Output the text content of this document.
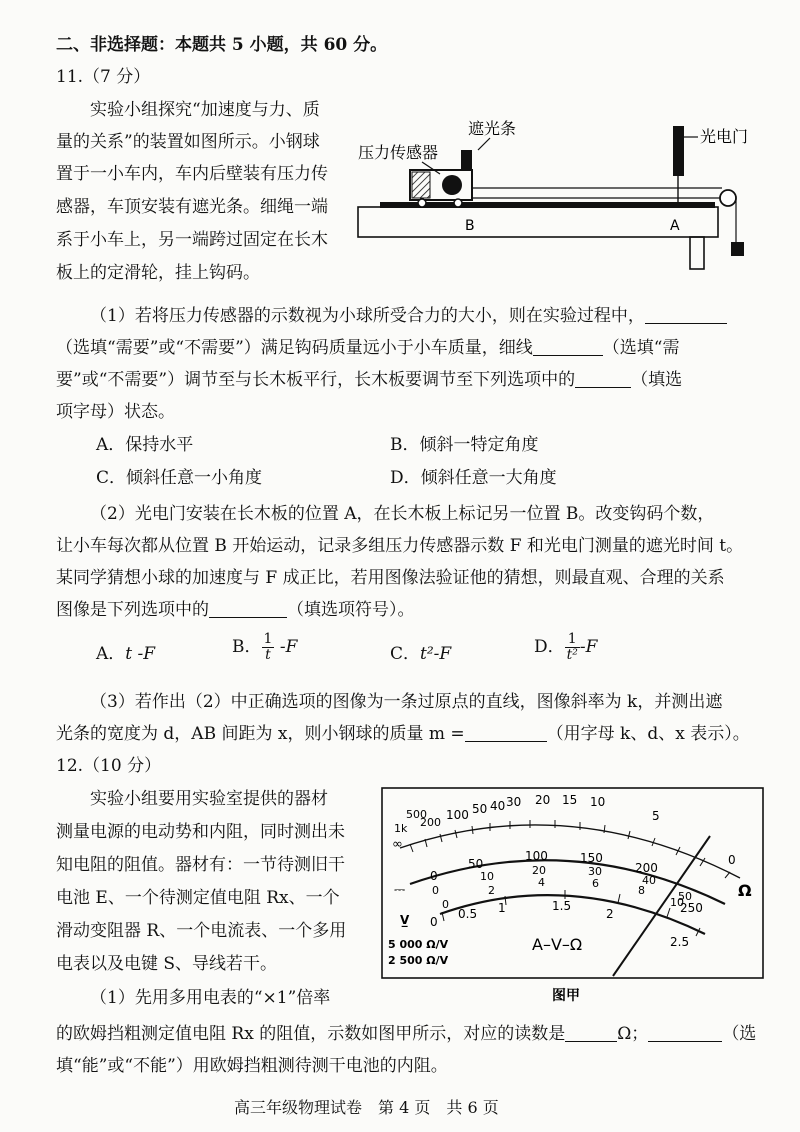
二、非选择题：本题共 5 小题，共 60 分。
11.（7 分）
实验小组探究“加速度与力、质
量的关系”的装置如图所示。小钢球
置于一小车内，车内后壁装有压力传
感器，车顶安装有遮光条。细绳一端
系于小车上，另一端跨过固定在长木
板上的定滑轮，挂上钩码。
压力传感器
遮光条	光电门
B	A
（1）若将压力传感器的示数视为小球所受合力的大小，则在实验过程中，
（选填“需要”或“不需要”）满足钩码质量远小于小车质量，细线	（选填“需
要”或“不需要”）调节至与长木板平行，长木板要调节至下列选项中的	（填选
项字母）状态。
A．保持水平	B．倾斜一特定角度
C．倾斜任意一小角度	D．倾斜任意一大角度
（2）光电门安装在长木板的位置 A，在长木板上标记另一位置 B。改变钩码个数，
让小车每次都从位置 B 开始运动，记录多组压力传感器示数 F 和光电门测量的遮光时间 t。
某同学猜想小球的加速度与 F 成正比，若用图像法验证他的猜想，则最直观、合理的关系
图像是下列选项中的	（填选项符号）。
A．t -F	B． $\frac{1}{t} -F$	C．t²-F	D． $\frac{1}{\text{t²}} -F$
（3）若作出（2）中正确选项的图像为一条过原点的直线，图像斜率为 k，并测出遮
光条的宽度为 d，AB 间距为 x，则小钢球的质量 m =	（用字母 k、d、x 表示）。
12.（10 分）
实验小组要用实验室提供的器材
测量电源的电动势和内阻，同时测出未
知电阻的阻值。器材有：一节待测旧干
电池 E、一个待测定值电阻 Rx、一个
滑动变阻器 R、一个电流表、一个多用
电表以及电键 S、导线若干。
（1）先用多用电表的“×1”倍率
的欧姆挡粗测定值电阻 Rx 的阻值，示数如图甲所示，对应的读数是	Ω；	（选
填“能”或“不能”）用欧姆挡粗测待测干电池的内阻。
∞
1k
500
200
100 50 40 30 20 15 10
5
0
Ω
0
50
100	150
200
250
0
10	20	30
40
50
0
2
4	6
8
10
0
0.5 1	1.5
2
2.5
⎓
V̲
A–V–Ω
5 000 Ω/V
2 500 Ω/V
图甲
高三年级物理试卷　第 4 页　共 6 页
